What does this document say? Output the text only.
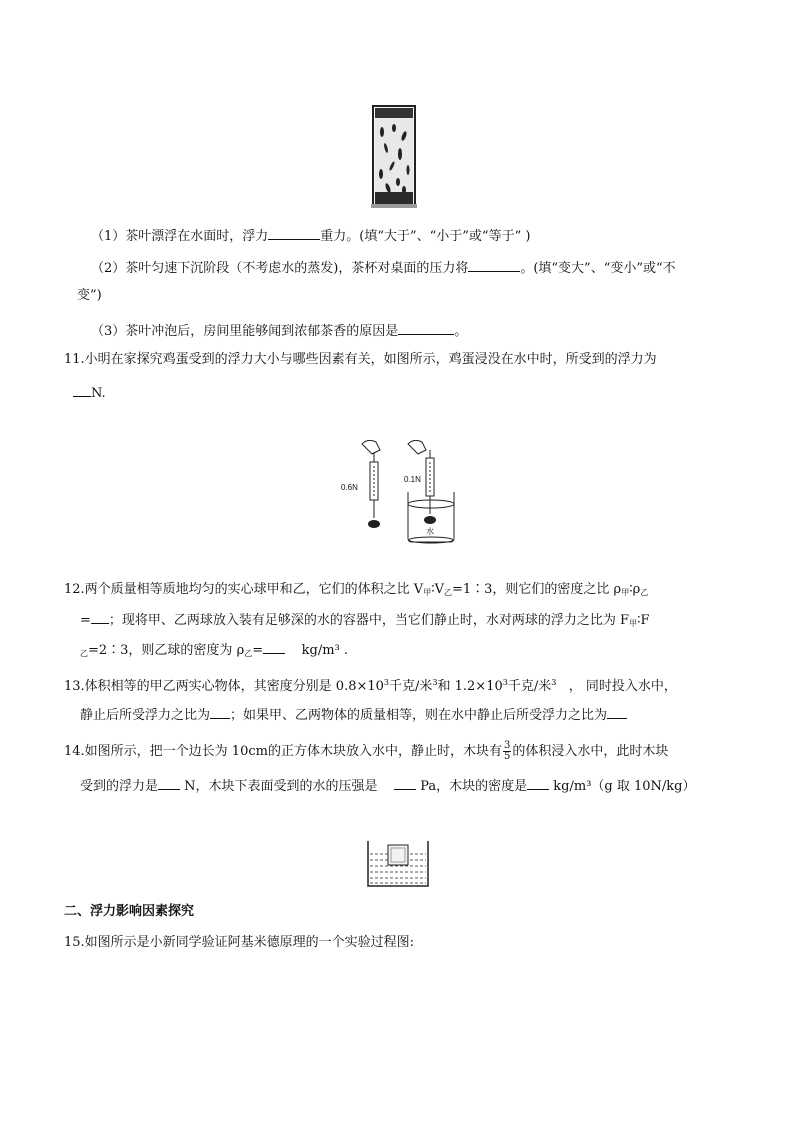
（1）茶叶漂浮在水面时，浮力	重力。(填“大于”、“小于”或“等于” )
（2）茶叶匀速下沉阶段（不考虑水的蒸发)，茶杯对桌面的压力将	。(填“变大”、“变小”或“不
变”)
（3）茶叶冲泡后，房间里能够闻到浓郁茶香的原因是	。
11.小明在家探究鸡蛋受到的浮力大小与哪些因素有关，如图所示，鸡蛋浸没在水中时，所受到的浮力为
N.
0.6N
0.1N
水
12.两个质量相等质地均匀的实心球甲和乙，它们的体积之比 $V_甲∶V_乙=1∶3$，则它们的密度之比 $\rho_甲∶\rho_乙$
= ；现将甲、乙两球放入装有足够深的水的容器中，当它们静止时，水对两球的浮力之比为 $F_甲∶F$
$_乙$=2∶3，则乙球的密度为 $\rho_乙=$	kg/m³ .
13.体积相等的甲乙两实心物体，其密度分别是 $0.8\times 10^3$千克/米$^3$和 $1.2\times 10^3$千克/米$^3$ ， 同时投入水中，
静止后所受浮力之比为 ；如果甲、乙两物体的质量相等，则在水中静止后所受浮力之比为
14.如图所示，把一个边长为 10cm的正方体木块放入水中，静止时，木块有 $\frac{3}{5}$ 的体积浸入水中，此时木块
受到的浮力是 N，木块下表面受到的水的压强是	Pa，木块的密度是 kg/m³（g 取 10N/kg）
二、浮力影响因素探究
15.如图所示是小新同学验证阿基米德原理的一个实验过程图:
